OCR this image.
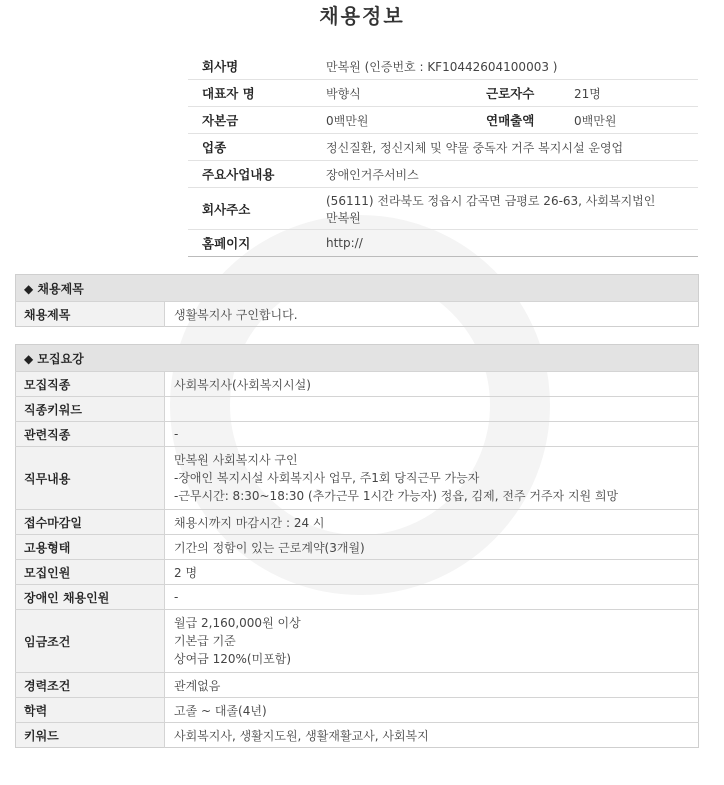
채용정보
회사명	만복원 (인증번호 : KF10442604100003 )		
대표자 명	박향식	근로자수	21명
자본금	0백만원	연매출액	0백만원
업종	정신질환, 정신지체 및 약물 중독자 거주 복지시설 운영업		
주요사업내용	장애인거주서비스		
회사주소	(56111) 전라북도 정읍시 감곡면 금평로 26-63, 사회복지법인
만복원		

홈페이지	http://		
◆ 채용제목
채용제목	생활복지사 구인합니다.
◆ 모집요강	
모집직종	사회복지사(사회복지시설)
직종키워드	
관련직종	-
직무내용	만복원 사회복지사 구인
-장애인 복지시설 사회복지사 업무, 주1회 당직근무 가능자
-근무시간: 8:30~18:30 (추가근무 1시간 가능자) 정읍, 김제, 전주 거주자 지원 희망

접수마감일	채용시까지 마감시간 : 24 시
고용형태	기간의 정함이 있는 근로계약(3개월)
모집인원	2 명
장애인 채용인원	-
임금조건	월급 2,160,000원 이상
기본급 기준
상여금 120%(미포함)

경력조건	관계없음
학력	고졸 ~ 대졸(4년)
키워드	사회복지사, 생활지도원, 생활재활교사, 사회복지
